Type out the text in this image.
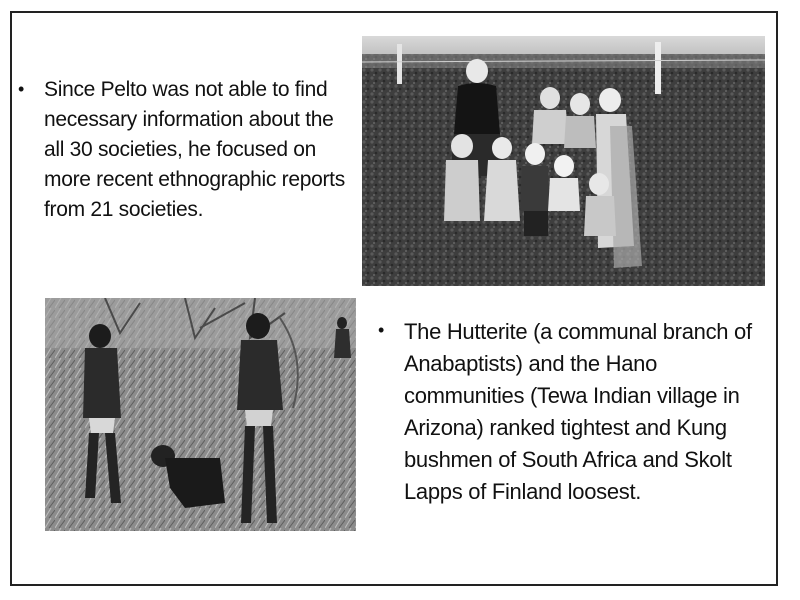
• Since Pelto was not able to find necessary information about the all 30 societies, he focused on more recent ethnographic reports from 21 societies.
• The Hutterite (a communal branch of Anabaptists) and the Hano communities (Tewa Indian village in Arizona) ranked tightest and Kung bushmen of South Africa and Skolt Lapps of Finland loosest.
